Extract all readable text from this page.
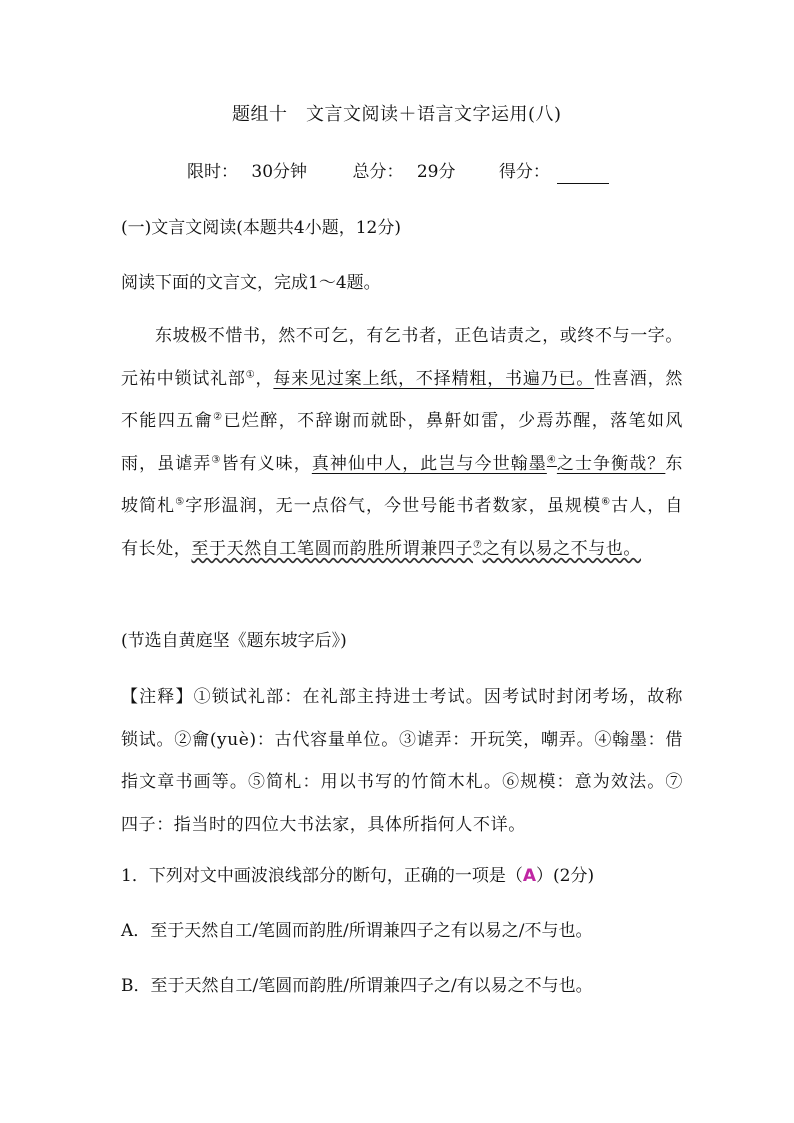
题组十　文言文阅读＋语言文字运用(八)
限时： 30分钟	总分： 29分	得分：
(一)文言文阅读(本题共4小题，12分)
阅读下面的文言文，完成1～4题。

东坡极不惜书，然不可乞，有乞书者，正色诘责之，或终不与一字。元祐中锁试礼部①，每来见过案上纸，不择精粗，书遍乃已。性喜酒，然不能四五龠②已烂醉，不辞谢而就卧，鼻鼾如雷，少焉苏醒，落笔如风雨，虽谑弄③皆有义味，真神仙中人，此岂与今世翰墨④之士争衡哉？东坡简札⑤字形温润，无一点俗气，今世号能书者数家，虽规模⑥古人，自有长处，至于天然自工笔圆而韵胜所谓兼四子⑦之有以易之不与也。

(节选自黄庭坚《题东坡字后》)

【注释】①锁试礼部：在礼部主持进士考试。因考试时封闭考场，故称锁试。②龠(yuè)：古代容量单位。③谑弄：开玩笑，嘲弄。④翰墨：借指文章书画等。⑤简札：用以书写的竹简木札。⑥规模：意为效法。⑦四子：指当时的四位大书法家，具体所指何人不详。

1．下列对文中画波浪线部分的断句，正确的一项是（A）(2分)
A．至于天然自工/笔圆而韵胜/所谓兼四子之有以易之/不与也。
B．至于天然自工/笔圆而韵胜/所谓兼四子之/有以易之不与也。
